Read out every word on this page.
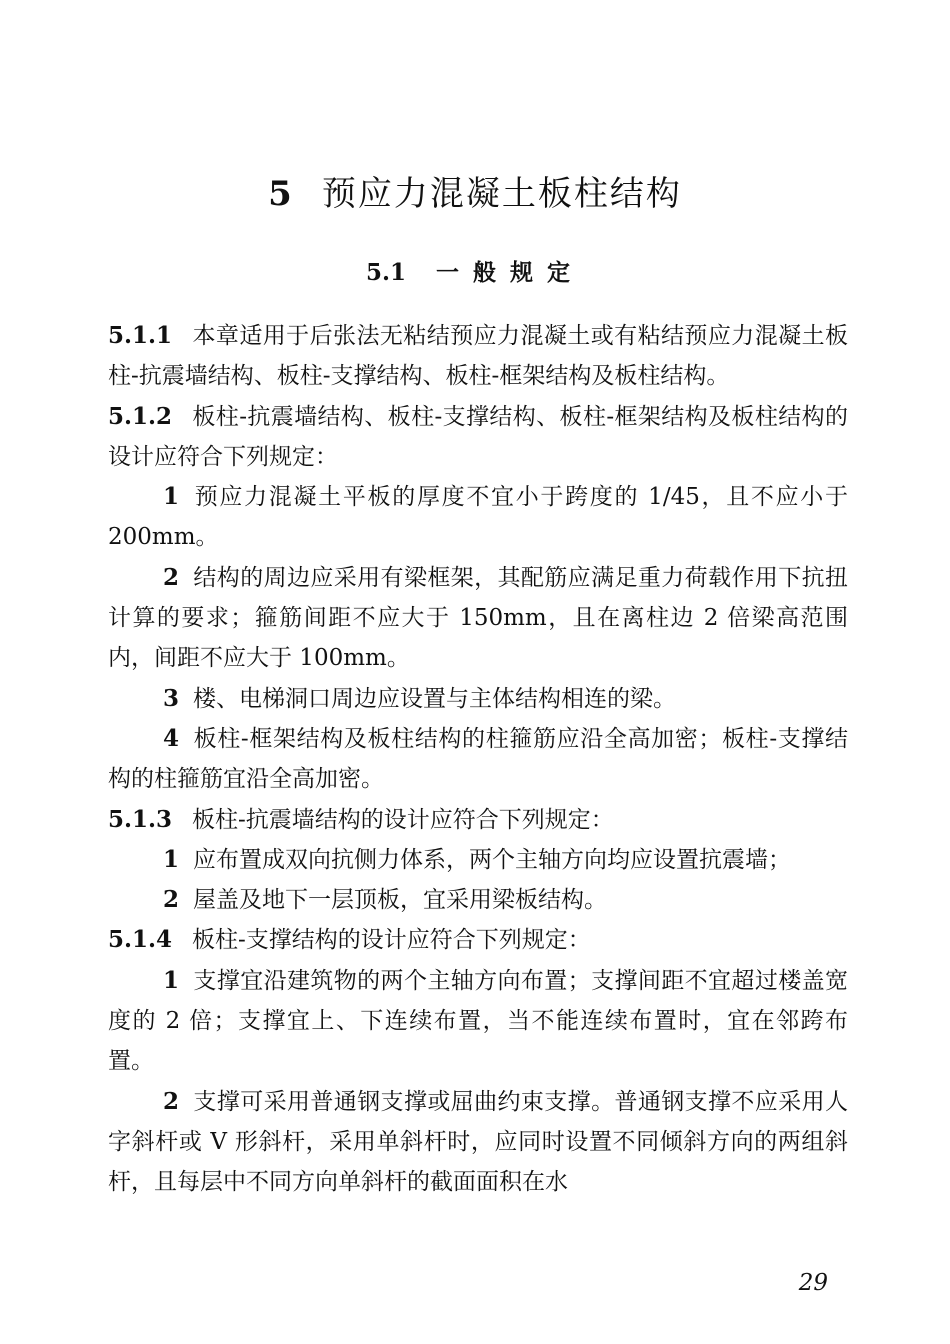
5 预应力混凝土板柱结构
5.1 一般规定

5.1.1 本章适用于后张法无粘结预应力混凝土或有粘结预应力混凝土板柱-抗震墙结构、板柱-支撑结构、板柱-框架结构及板柱结构。

5.1.2 板柱-抗震墙结构、板柱-支撑结构、板柱-框架结构及板柱结构的设计应符合下列规定：

1 预应力混凝土平板的厚度不宜小于跨度的 1/45，且不应小于 200mm。

2 结构的周边应采用有梁框架，其配筋应满足重力荷载作用下抗扭计算的要求；箍筋间距不应大于 150mm，且在离柱边 2 倍梁高范围内，间距不应大于 100mm。

3 楼、电梯洞口周边应设置与主体结构相连的梁。

4 板柱-框架结构及板柱结构的柱箍筋应沿全高加密；板柱-支撑结构的柱箍筋宜沿全高加密。

5.1.3 板柱-抗震墙结构的设计应符合下列规定：

1 应布置成双向抗侧力体系，两个主轴方向均应设置抗震墙；

2 屋盖及地下一层顶板，宜采用梁板结构。

5.1.4 板柱-支撑结构的设计应符合下列规定：

1 支撑宜沿建筑物的两个主轴方向布置；支撑间距不宜超过楼盖宽度的 2 倍；支撑宜上、下连续布置，当不能连续布置时，宜在邻跨布置。

2 支撑可采用普通钢支撑或屈曲约束支撑。普通钢支撑不应采用人字斜杆或 V 形斜杆，采用单斜杆时，应同时设置不同倾斜方向的两组斜杆，且每层中不同方向单斜杆的截面面积在水

29
